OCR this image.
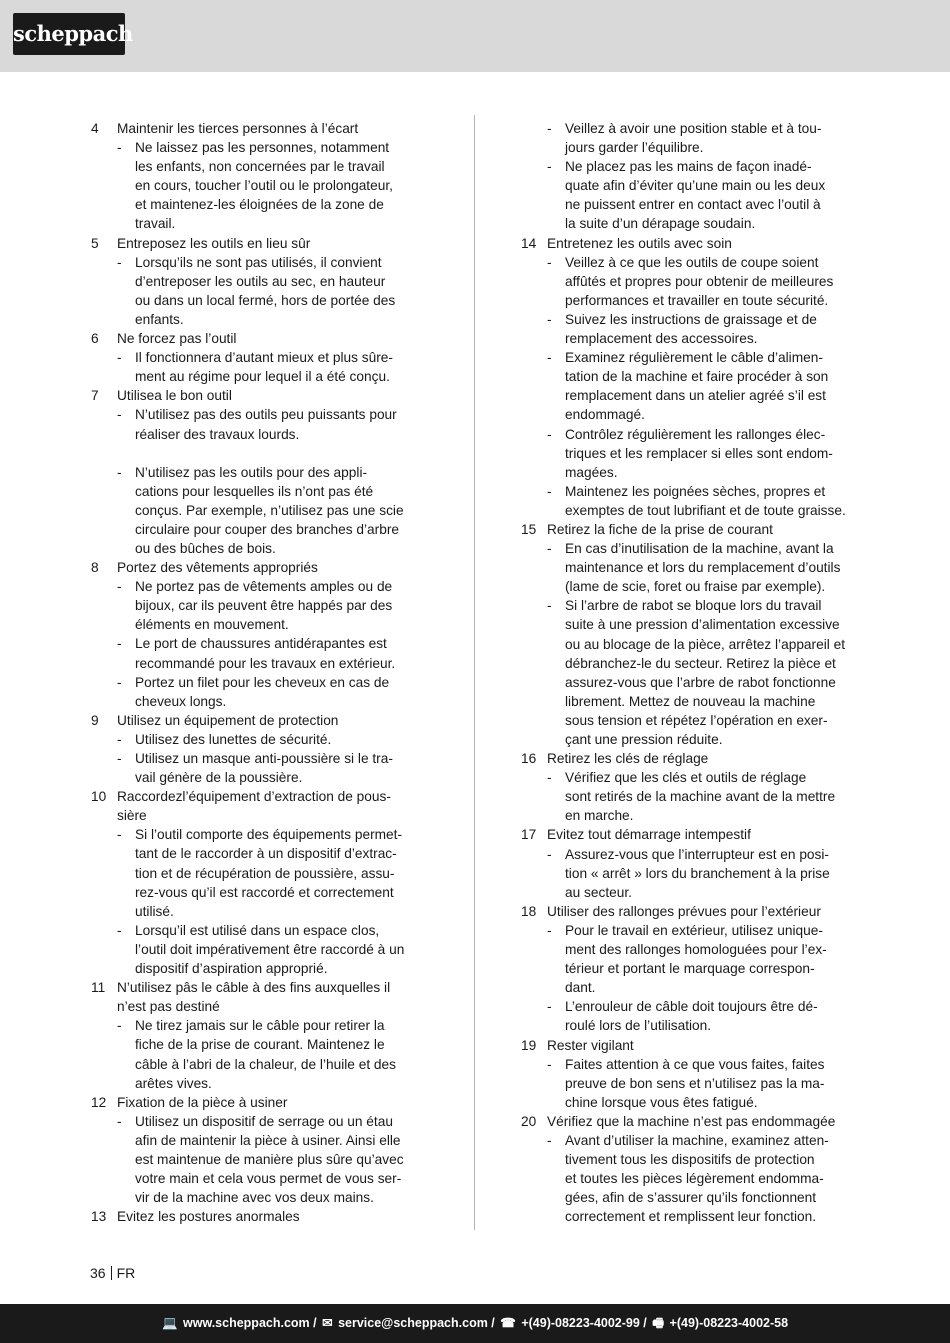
scheppach
4 Maintenir les tierces personnes à l’écart
- Ne laissez pas les personnes, notamment
les enfants, non concernées par le travail
en cours, toucher l’outil ou le prolongateur,
et maintenez-les éloignées de la zone de
travail.
5 Entreposez les outils en lieu sûr
- Lorsqu’ils ne sont pas utilisés, il convient
d’entreposer les outils au sec, en hauteur
ou dans un local fermé, hors de portée des
enfants.
6 Ne forcez pas l’outil
- Il fonctionnera d’autant mieux et plus sûre-
ment au régime pour lequel il a été conçu.
7 Utilisea le bon outil
- N’utilisez pas des outils peu puissants pour
réaliser des travaux lourds.
- N’utilisez pas les outils pour des appli-
cations pour lesquelles ils n’ont pas été
conçus. Par exemple, n’utilisez pas une scie
circulaire pour couper des branches d’arbre
ou des bûches de bois.
8 Portez des vêtements appropriés
- Ne portez pas de vêtements amples ou de
bijoux, car ils peuvent être happés par des
éléments en mouvement.
- Le port de chaussures antidérapantes est
recommandé pour les travaux en extérieur.
- Portez un filet pour les cheveux en cas de
cheveux longs.
9 Utilisez un équipement de protection
- Utilisez des lunettes de sécurité.
- Utilisez un masque anti-poussière si le tra-
vail génère de la poussière.
10 Raccordezl’équipement d’extraction de pous-
sière
- Si l’outil comporte des équipements permet-
tant de le raccorder à un dispositif d’extrac-
tion et de récupération de poussière, assu-
rez-vous qu’il est raccordé et correctement
utilisé.
- Lorsqu’il est utilisé dans un espace clos,
l’outil doit impérativement être raccordé à un
dispositif d’aspiration approprié.
11 N’utilisez pâs le câble à des fins auxquelles il
n’est pas destiné
- Ne tirez jamais sur le câble pour retirer la
fiche de la prise de courant. Maintenez le
câble à l’abri de la chaleur, de l’huile et des
arêtes vives.
12 Fixation de la pièce à usiner
- Utilisez un dispositif de serrage ou un étau
afin de maintenir la pièce à usiner. Ainsi elle
est maintenue de manière plus sûre qu’avec
votre main et cela vous permet de vous ser-
vir de la machine avec vos deux mains.
13 Evitez les postures anormales
- Veillez à avoir une position stable et à tou-
jours garder l’équilibre.
- Ne placez pas les mains de façon inadé-
quate afin d’éviter qu’une main ou les deux
ne puissent entrer en contact avec l’outil à
la suite d’un dérapage soudain.
14 Entretenez les outils avec soin
- Veillez à ce que les outils de coupe soient
affûtés et propres pour obtenir de meilleures
performances et travailler en toute sécurité.
- Suivez les instructions de graissage et de
remplacement des accessoires.
- Examinez régulièrement le câble d’alimen-
tation de la machine et faire procéder à son
remplacement dans un atelier agréé s’il est
endommagé.
- Contrôlez régulièrement les rallonges élec-
triques et les remplacer si elles sont endom-
magées.
- Maintenez les poignées sèches, propres et
exemptes de tout lubrifiant et de toute graisse.
15 Retirez la fiche de la prise de courant
- En cas d’inutilisation de la machine, avant la
maintenance et lors du remplacement d’outils
(lame de scie, foret ou fraise par exemple).
- Si l’arbre de rabot se bloque lors du travail
suite à une pression d’alimentation excessive
ou au blocage de la pièce, arrêtez l’appareil et
débranchez-le du secteur. Retirez la pièce et
assurez-vous que l’arbre de rabot fonctionne
librement. Mettez de nouveau la machine
sous tension et répétez l’opération en exer-
çant une pression réduite.
16 Retirez les clés de réglage
- Vérifiez que les clés et outils de réglage
sont retirés de la machine avant de la mettre
en marche.
17 Evitez tout démarrage intempestif
- Assurez-vous que l’interrupteur est en posi-
tion « arrêt » lors du branchement à la prise
au secteur.
18 Utiliser des rallonges prévues pour l’extérieur
- Pour le travail en extérieur, utilisez unique-
ment des rallonges homologuées pour l’ex-
térieur et portant le marquage correspon-
dant.
- L’enrouleur de câble doit toujours être dé-
roulé lors de l’utilisation.
19 Rester vigilant
- Faites attention à ce que vous faites, faites
preuve de bon sens et n’utilisez pas la ma-
chine lorsque vous êtes fatigué.
20 Vérifiez que la machine n’est pas endommagée
- Avant d’utiliser la machine, examinez atten-
tivement tous les dispositifs de protection
et toutes les pièces légèrement endomma-
gées, afin de s’assurer qu’ils fonctionnent
correctement et remplissent leur fonction.
36 FR
💻 www.scheppach.com / ✉ service@scheppach.com / ☎ +(49)-08223-4002-99 / 🖷 +(49)-08223-4002-58
